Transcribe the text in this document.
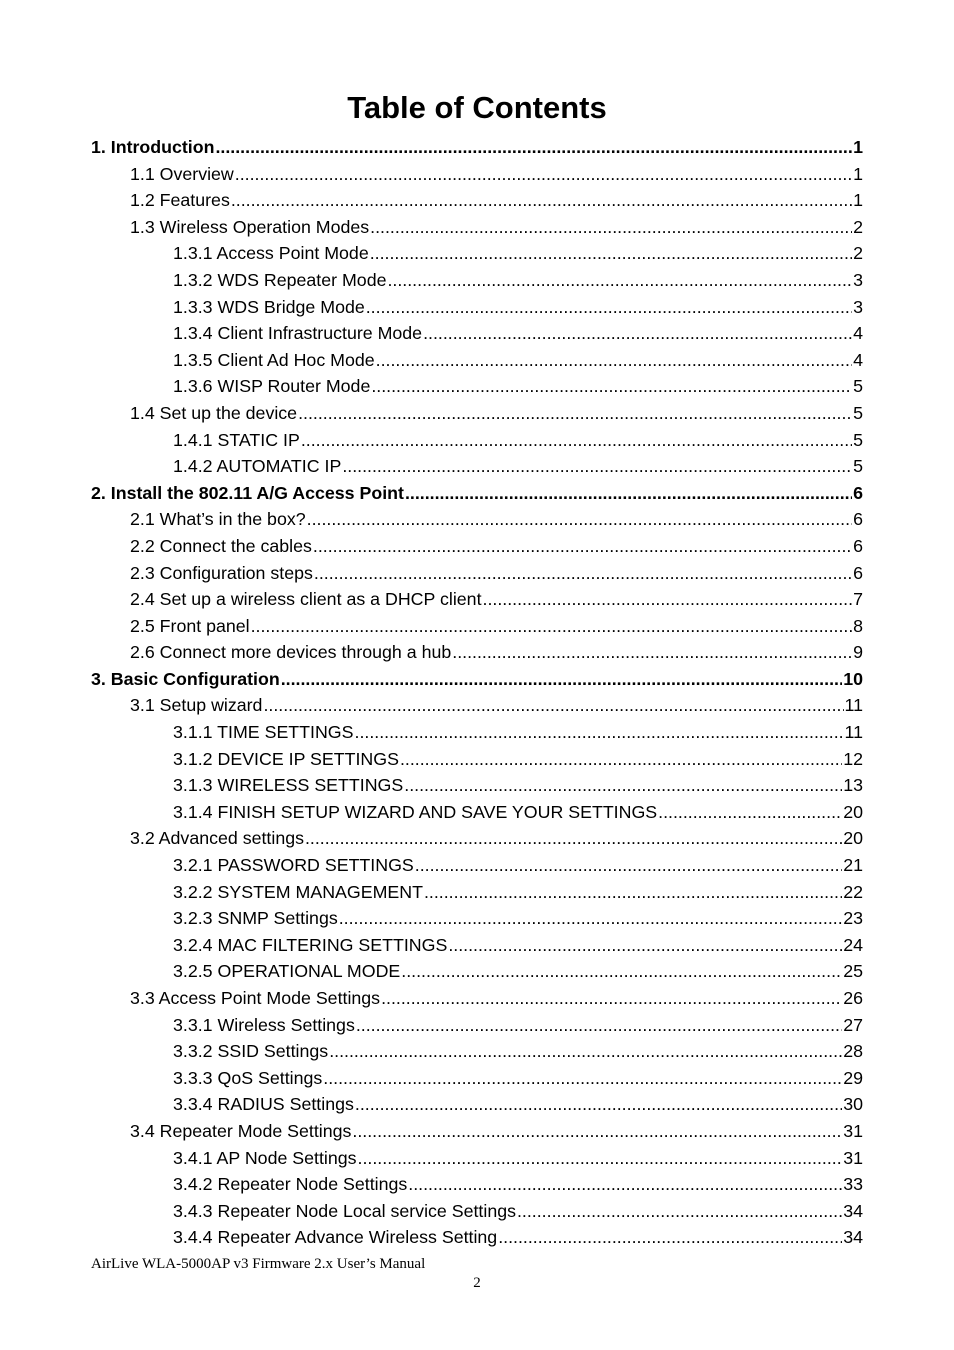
Table of Contents
1. Introduction .....	1
1.1 Overview .....	1
1.2 Features .....	1
1.3 Wireless Operation Modes .....	2
1.3.1 Access Point Mode .....	2
1.3.2 WDS Repeater Mode .....	3
1.3.3 WDS Bridge Mode .....	3
1.3.4 Client Infrastructure Mode .....	4
1.3.5 Client Ad Hoc Mode .....	4
1.3.6 WISP Router Mode .....	5
1.4 Set up the device .....	5
1.4.1 STATIC IP .....	5
1.4.2 AUTOMATIC IP .....	5
2. Install the 802.11 A/G Access Point .....	6
2.1 What’s in the box? .....	6
2.2 Connect the cables .....	6
2.3 Configuration steps .....	6
2.4 Set up a wireless client as a DHCP client .....	7
2.5 Front panel .....	8
2.6 Connect more devices through a hub .....	9
3. Basic Configuration .....	10
3.1 Setup wizard .....	11
3.1.1 TIME SETTINGS .....	11
3.1.2 DEVICE IP SETTINGS .....	12
3.1.3 WIRELESS SETTINGS .....	13
3.1.4 FINISH SETUP WIZARD AND SAVE YOUR SETTINGS .....	20
3.2 Advanced settings .....	20
3.2.1 PASSWORD SETTINGS .....	21
3.2.2 SYSTEM MANAGEMENT .....	22
3.2.3 SNMP Settings .....	23
3.2.4 MAC FILTERING SETTINGS .....	24
3.2.5 OPERATIONAL MODE .....	25
3.3 Access Point Mode Settings .....	26
3.3.1 Wireless Settings .....	27
3.3.2 SSID Settings .....	28
3.3.3 QoS Settings .....	29
3.3.4 RADIUS Settings .....	30
3.4 Repeater Mode Settings .....	31
3.4.1 AP Node Settings .....	31
3.4.2 Repeater Node Settings .....	33
3.4.3 Repeater Node Local service Settings .....	34
3.4.4 Repeater Advance Wireless Setting .....	34
AirLive WLA-5000AP v3 Firmware 2.x User’s Manual
2
